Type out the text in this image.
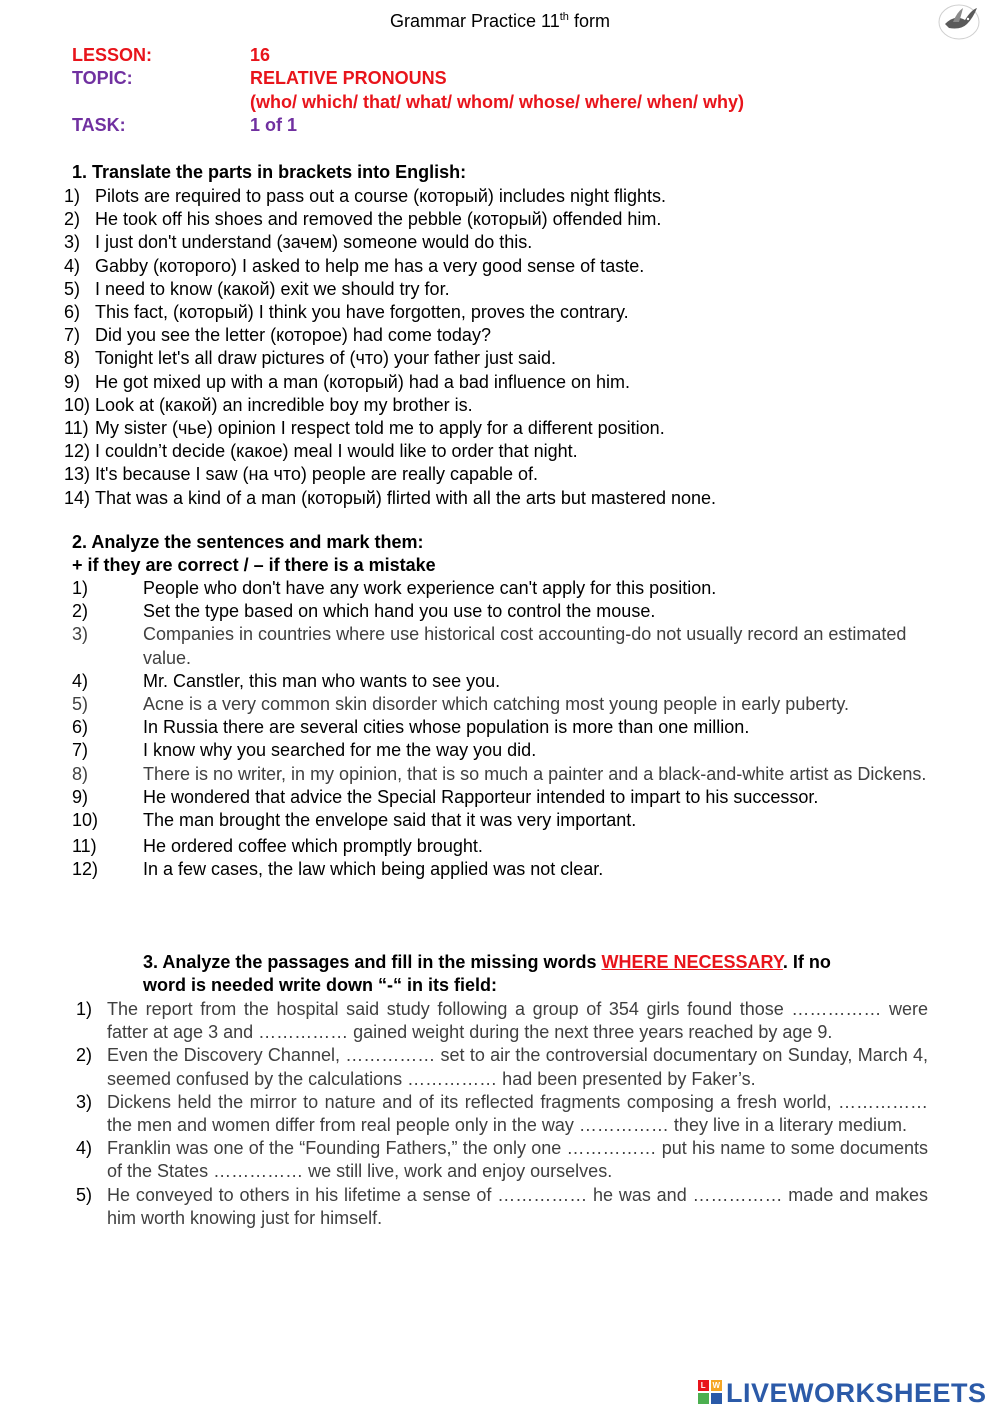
Grammar Practice 11th form
LESSON:	16
TOPIC:	RELATIVE PRONOUNS
(who/ which/ that/ what/ whom/ whose/ where/ when/ why)
TASK:	1 of 1
1. Translate the parts in brackets into English:
1) Pilots are required to pass out a course (который) includes night flights.
2) He took off his shoes and removed the pebble (который) offended him.
3) I just don't understand (зачем) someone would do this.
4) Gabby (которого) I asked to help me has a very good sense of taste.
5) I need to know (какой) exit we should try for.
6) This fact, (который) I think you have forgotten, proves the contrary.
7) Did you see the letter (которое) had come today?
8) Tonight let's all draw pictures of (что) your father just said.
9) He got mixed up with a man (который) had a bad influence on him.
10) Look at (какой) an incredible boy my brother is.
11) My sister (чье) opinion I respect told me to apply for a different position.
12) I couldn’t decide (какое) meal I would like to order that night.
13) It's because I saw (на что) people are really capable of.
14) That was a kind of a man (который) flirted with all the arts but mastered none.
2. Analyze the sentences and mark them:
+ if they are correct / – if there is a mistake
1)	People who don't have any work experience can't apply for this position.
2)	Set the type based on which hand you use to control the mouse.
3)	Companies in countries where use historical cost accounting-do not usually record an estimated value.
4)	Mr. Canstler, this man who wants to see you.
5)	Acne is a very common skin disorder which catching most young people in early puberty.
6)	In Russia there are several cities whose population is more than one million.
7)	I know why you searched for me the way you did.
8)	There is no writer, in my opinion, that is so much a painter and a black-and-white artist as Dickens.
9)	He wondered that advice the Special Rapporteur intended to impart to his successor.
10) The man brought the envelope said that it was very important.
11)	He ordered coffee which promptly brought.
12) In a few cases, the law which being applied was not clear.
3. Analyze the passages and fill in the missing words WHERE NECESSARY. If no
word is needed write down “-“ in its field:
1) The report from the hospital said study following a group of 354 girls found those …………… were fatter at age 3 and …………… gained weight during the next three years reached by age 9.
2) Even the Discovery Channel, …………… set to air the controversial documentary on Sunday, March 4, seemed confused by the calculations …………… had been presented by Faker’s.
3) Dickens held the mirror to nature and of its reflected fragments composing a fresh world, …………… the men and women differ from real people only in the way …………… they live in a literary medium.
4) Franklin was one of the “Founding Fathers,” the only one …………… put his name to some documents of the States …………… we still live, work and enjoy ourselves.
5) He conveyed to others in his lifetime a sense of …………… he was and …………… made and makes him worth knowing just for himself.
L W LIVEWORKSHEETS
